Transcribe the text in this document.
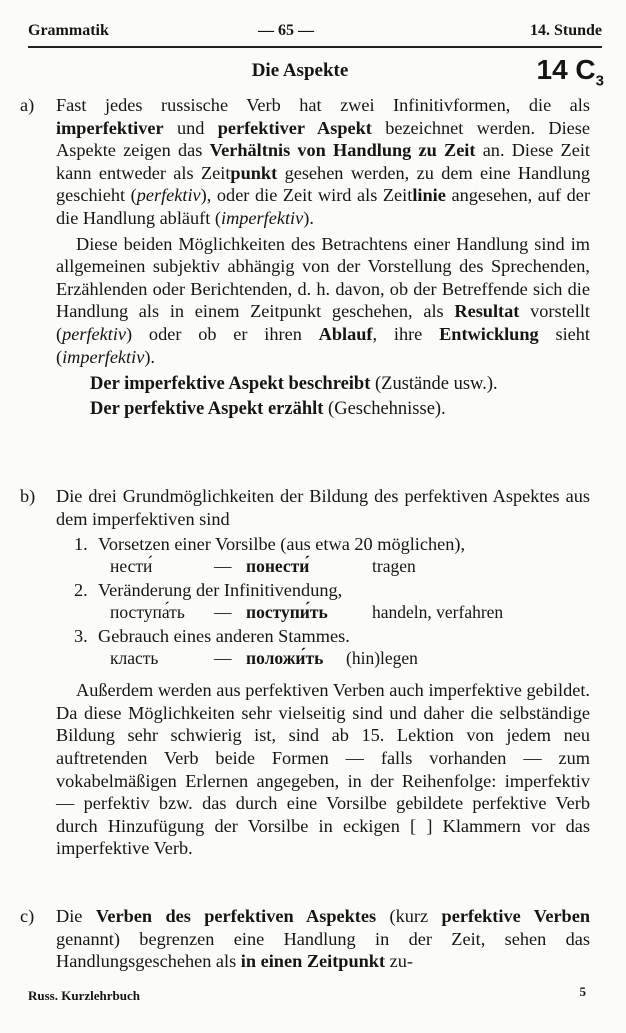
Grammatik	— 65 —	14. Stunde
Die Aspekte	14 $C_3$
a) Fast jedes russische Verb hat zwei Infinitivformen, die als imperfektiver und perfektiver Aspekt bezeichnet werden. Diese Aspekte zeigen das Verhältnis von Handlung zu Zeit an. Diese Zeit kann entweder als Zeitpunkt gesehen werden, zu dem eine Handlung geschieht (perfektiv), oder die Zeit wird als Zeitlinie angesehen, auf der die Handlung abläuft (imperfektiv).
Diese beiden Möglichkeiten des Betrachtens einer Handlung sind im allgemeinen subjektiv abhängig von der Vorstellung des Sprechenden, Erzählenden oder Berichtenden, d. h. davon, ob der Betreffende sich die Handlung als in einem Zeitpunkt geschehen, als Resultat vorstellt (perfektiv) oder ob er ihren Ablauf, ihre Entwicklung sieht (imperfektiv).
Der imperfektive Aspekt beschreibt (Zustände usw.).
Der perfektive Aspekt erzählt (Geschehnisse).
b) Die drei Grundmöglichkeiten der Bildung des perfektiven Aspektes aus dem imperfektiven sind
1. Vorsetzen einer Vorsilbe (aus etwa 20 möglichen),
нести́	— понести́	tragen
2. Veränderung der Infinitivendung,
поступа́ть — поступи́ть	handeln, verfahren
3. Gebrauch eines anderen Stammes.
класть	— положи́ть (hin)legen
Außerdem werden aus perfektiven Verben auch imperfektive gebildet. Da diese Möglichkeiten sehr vielseitig sind und daher die selbständige Bildung sehr schwierig ist, sind ab 15. Lektion von jedem neu auftretenden Verb beide Formen — falls vorhanden — zum vokabelmäßigen Erlernen angegeben, in der Reihenfolge: imperfektiv — perfektiv bzw. das durch eine Vorsilbe gebildete perfektive Verb durch Hinzufügung der Vorsilbe in eckigen [ ] Klammern vor das imperfektive Verb.
c) Die Verben des perfektiven Aspektes (kurz perfektive Verben genannt) begrenzen eine Handlung in der Zeit, sehen das Handlungsgeschehen als in einen Zeitpunkt zu-
Russ. Kurzlehrbuch	5
